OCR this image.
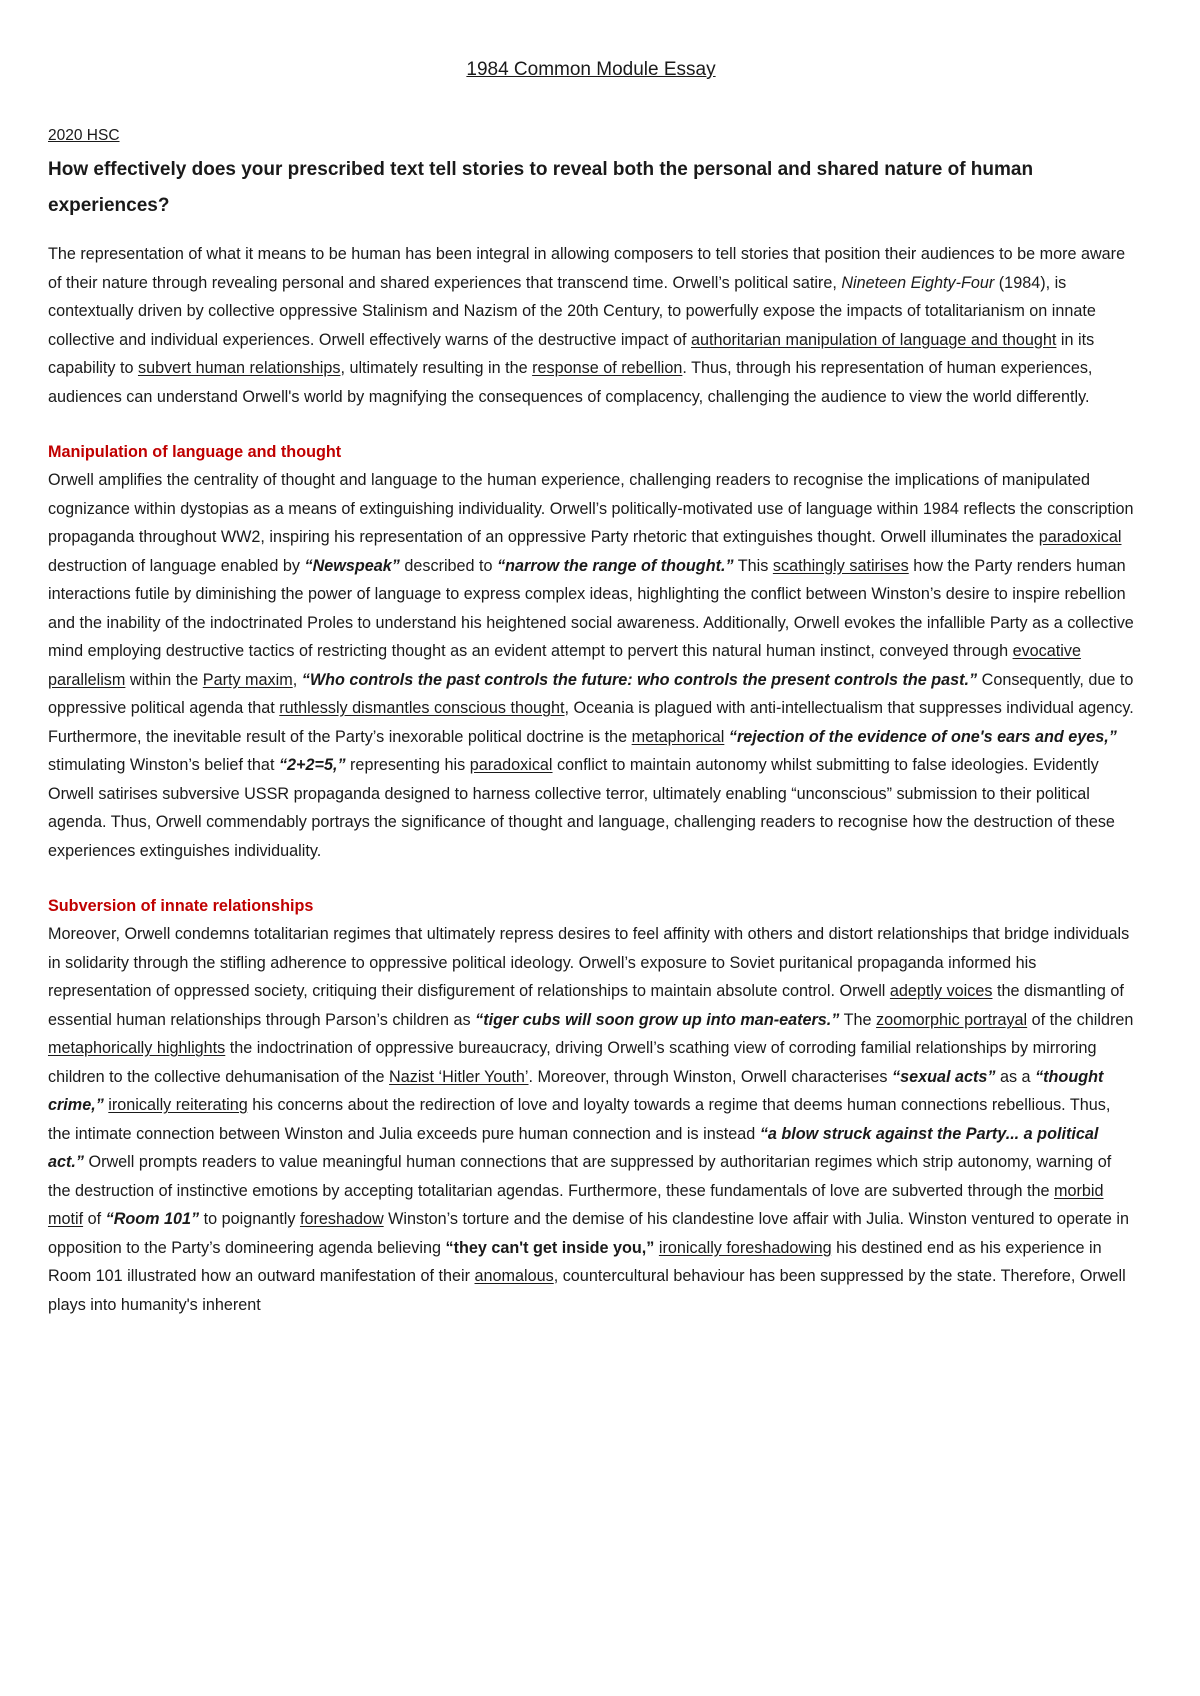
1984 Common Module Essay
2020 HSC
How effectively does your prescribed text tell stories to reveal both the personal and shared nature of human experiences?

The representation of what it means to be human has been integral in allowing composers to tell stories that position their audiences to be more aware of their nature through revealing personal and shared experiences that transcend time. Orwell’s political satire, Nineteen Eighty-Four (1984), is contextually driven by collective oppressive Stalinism and Nazism of the 20th Century, to powerfully expose the impacts of totalitarianism on innate collective and individual experiences. Orwell effectively warns of the destructive impact of authoritarian manipulation of language and thought in its capability to subvert human relationships, ultimately resulting in the response of rebellion. Thus, through his representation of human experiences, audiences can understand Orwell's world by magnifying the consequences of complacency, challenging the audience to view the world differently.

Manipulation of language and thought

Orwell amplifies the centrality of thought and language to the human experience, challenging readers to recognise the implications of manipulated cognizance within dystopias as a means of extinguishing individuality. Orwell’s politically-motivated use of language within 1984 reflects the conscription propaganda throughout WW2, inspiring his representation of an oppressive Party rhetoric that extinguishes thought. Orwell illuminates the paradoxical destruction of language enabled by “Newspeak” described to “narrow the range of thought.” This scathingly satirises how the Party renders human interactions futile by diminishing the power of language to express complex ideas, highlighting the conflict between Winston’s desire to inspire rebellion and the inability of the indoctrinated Proles to understand his heightened social awareness. Additionally, Orwell evokes the infallible Party as a collective mind employing destructive tactics of restricting thought as an evident attempt to pervert this natural human instinct, conveyed through evocative parallelism within the Party maxim, “Who controls the past controls the future: who controls the present controls the past.” Consequently, due to oppressive political agenda that ruthlessly dismantles conscious thought, Oceania is plagued with anti-intellectualism that suppresses individual agency. Furthermore, the inevitable result of the Party’s inexorable political doctrine is the metaphorical “rejection of the evidence of one's ears and eyes,” stimulating Winston’s belief that “2+2=5,” representing his paradoxical conflict to maintain autonomy whilst submitting to false ideologies. Evidently Orwell satirises subversive USSR propaganda designed to harness collective terror, ultimately enabling “unconscious” submission to their political agenda. Thus, Orwell commendably portrays the significance of thought and language, challenging readers to recognise how the destruction of these experiences extinguishes individuality.

Subversion of innate relationships

Moreover, Orwell condemns totalitarian regimes that ultimately repress desires to feel affinity with others and distort relationships that bridge individuals in solidarity through the stifling adherence to oppressive political ideology. Orwell’s exposure to Soviet puritanical propaganda informed his representation of oppressed society, critiquing their disfigurement of relationships to maintain absolute control. Orwell adeptly voices the dismantling of essential human relationships through Parson’s children as “tiger cubs will soon grow up into man-eaters.” The zoomorphic portrayal of the children metaphorically highlights the indoctrination of oppressive bureaucracy, driving Orwell’s scathing view of corroding familial relationships by mirroring children to the collective dehumanisation of the Nazist ‘Hitler Youth’. Moreover, through Winston, Orwell characterises “sexual acts” as a “thought crime,” ironically reiterating his concerns about the redirection of love and loyalty towards a regime that deems human connections rebellious. Thus, the intimate connection between Winston and Julia exceeds pure human connection and is instead “a blow struck against the Party... a political act.” Orwell prompts readers to value meaningful human connections that are suppressed by authoritarian regimes which strip autonomy, warning of the destruction of instinctive emotions by accepting totalitarian agendas. Furthermore, these fundamentals of love are subverted through the morbid motif of “Room 101” to poignantly foreshadow Winston’s torture and the demise of his clandestine love affair with Julia. Winston ventured to operate in opposition to the Party’s domineering agenda believing “they can't get inside you,” ironically foreshadowing his destined end as his experience in Room 101 illustrated how an outward manifestation of their anomalous, countercultural behaviour has been suppressed by the state. Therefore, Orwell plays into humanity's inherent
